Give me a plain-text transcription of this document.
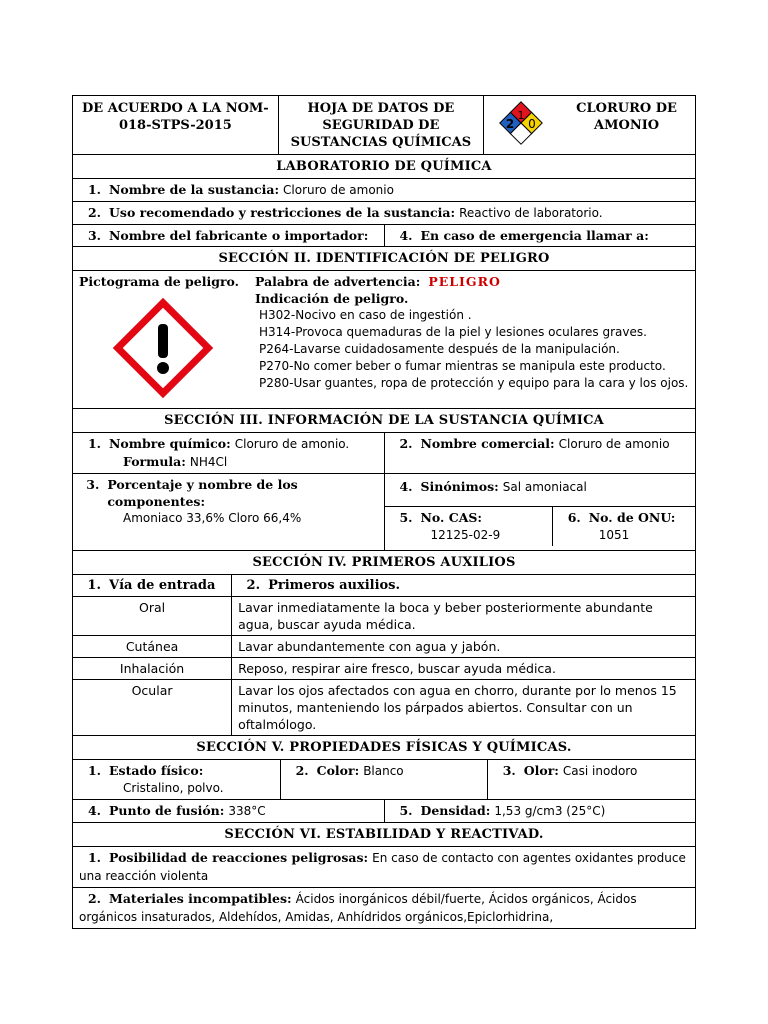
DE ACUERDO A LA NOM-018-STPS-2015	HOJA DE DATOS DE SEGURIDAD DE SUSTANCIAS QUÍMICAS	
1
2 0
	CLORURO DE AMONIO

LABORATORIO DE QUÍMICA
1. Nombre de la sustancia: Cloruro de amonio
2. Uso recomendado y restricciones de la sustancia: Reactivo de laboratorio.
3. Nombre del fabricante o importador:	4. En caso de emergencia llamar a:
SECCIÓN II. IDENTIFICACIÓN DE PELIGRO

Pictograma de peligro.	Palabra de advertencia: PELIGRO
Indicación de peligro.
H302-Nocivo en caso de ingestión .
H314-Provoca quemaduras de la piel y lesiones oculares graves.
P264-Lavarse cuidadosamente después de la manipulación.
P270-No comer beber o fumar mientras se manipula este producto.
P280-Usar guantes, ropa de protección y equipo para la cara y los ojos.

SECCIÓN III. INFORMACIÓN DE LA SUSTANCIA QUÍMICA
1. Nombre químico: Cloruro de amonio.
Formula: NH4Cl	2. Nombre comercial: Cloruro de amonio

3. Porcentaje y nombre de los componentes:
Amoniaco 33,6% Cloro 66,4%

4. Sinónimos: Sal amoniacal
5. No. CAS:
12125-02-9	6. No. de ONU:
1051

SECCIÓN IV. PRIMEROS AUXILIOS

1. Vía de entrada	2. Primeros auxilios.
Oral	Lavar inmediatamente la boca y beber posteriormente abundante agua, buscar ayuda médica.
Cutánea	Lavar abundantemente con agua y jabón.
Inhalación	Reposo, respirar aire fresco, buscar ayuda médica.
Ocular	Lavar los ojos afectados con agua en chorro, durante por lo menos 15 minutos, manteniendo los párpados abiertos. Consultar con un oftalmólogo.

SECCIÓN V. PROPIEDADES FÍSICAS Y QUÍMICAS.

1. Estado físico:
Cristalino, polvo.	2. Color: Blanco	3. Olor: Casi inodoro

4. Punto de fusión: 338°C	5. Densidad: 1,53 g/cm3 (25°C)
SECCIÓN VI. ESTABILIDAD Y REACTIVAD.
1. Posibilidad de reacciones peligrosas: En caso de contacto con agentes oxidantes produce una reacción violenta
2. Materiales incompatibles: Ácidos inorgánicos débil/fuerte, Ácidos orgánicos, Ácidos orgánicos insaturados, Aldehídos, Amidas, Anhídridos orgánicos,Epiclorhidrina,
